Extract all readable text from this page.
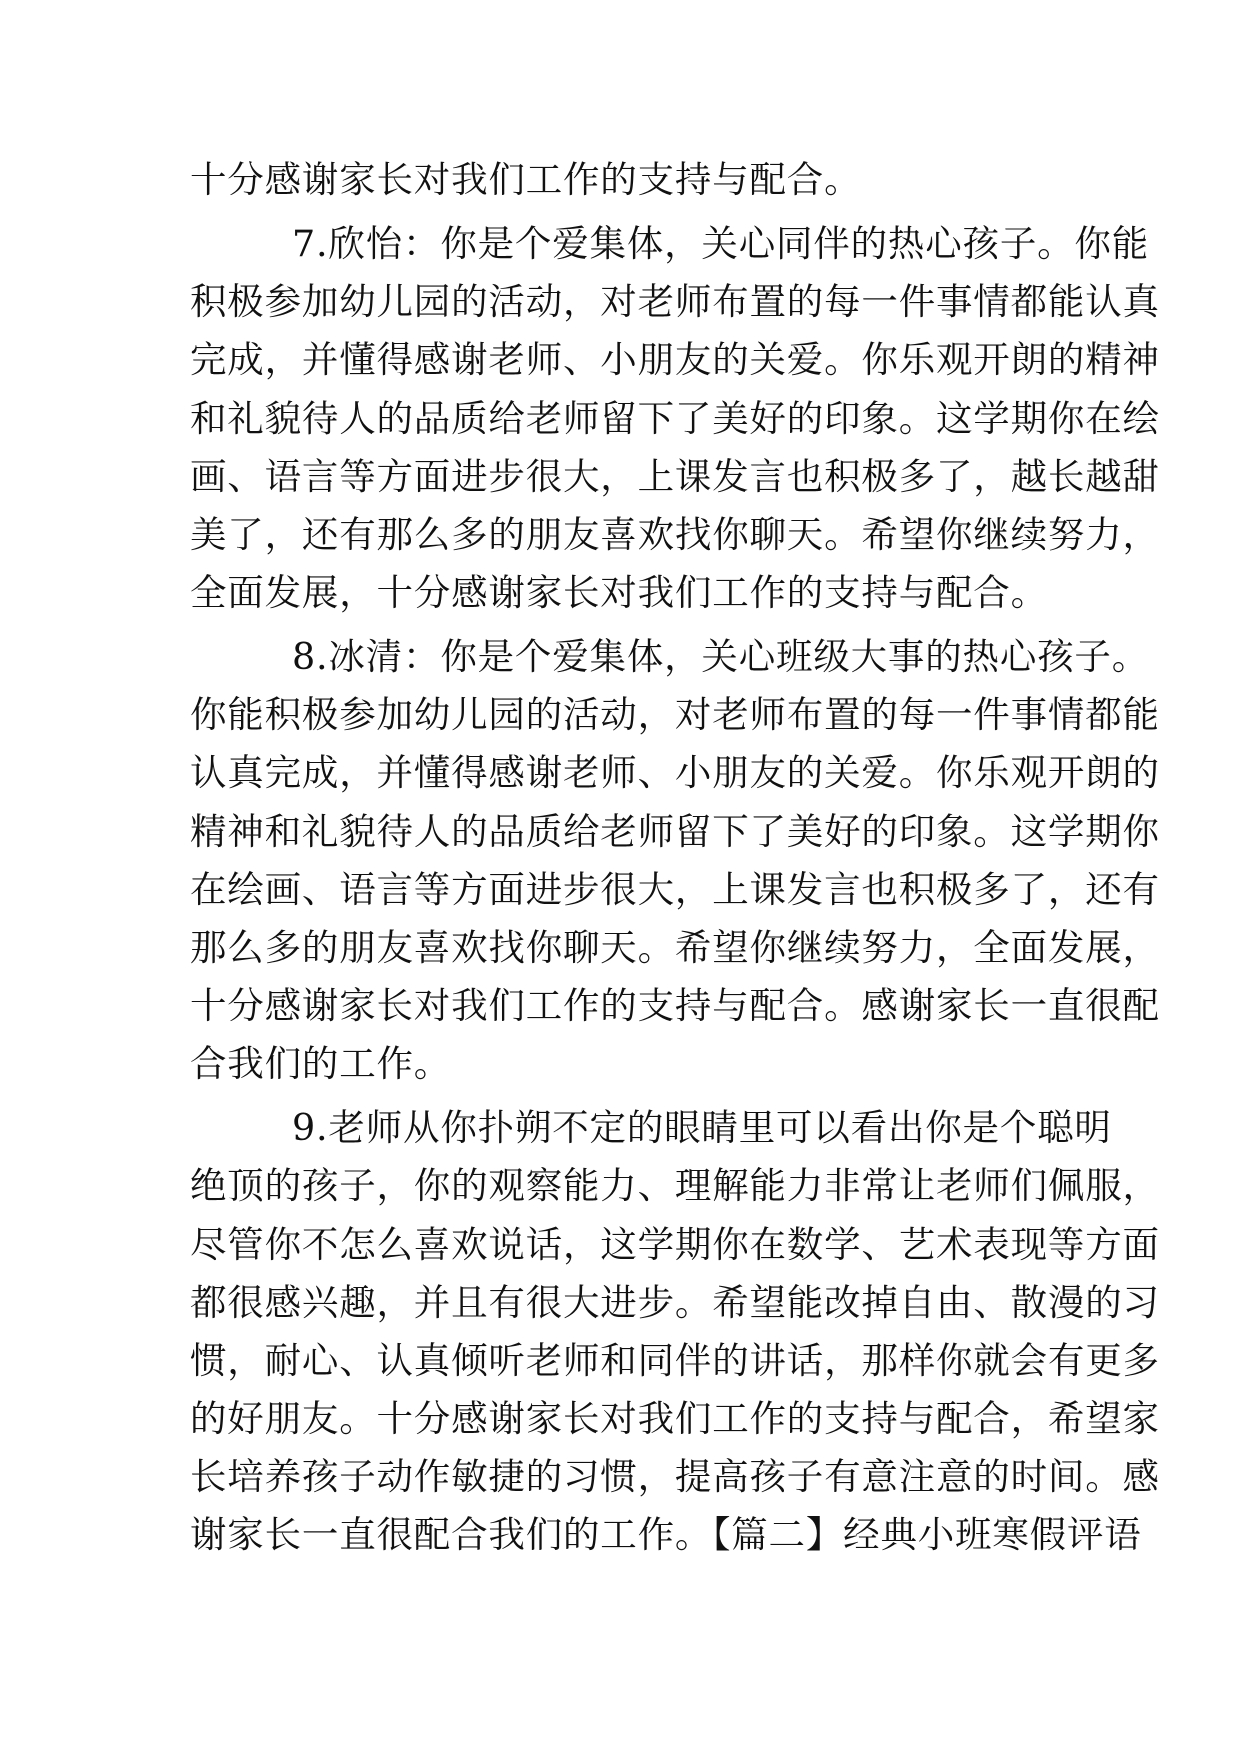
十分感谢家长对我们工作的支持与配合。
7.欣怡：你是个爱集体，关心同伴的热心孩子。你能
积极参加幼儿园的活动，对老师布置的每一件事情都能认真
完成，并懂得感谢老师、小朋友的关爱。你乐观开朗的精神
和礼貌待人的品质给老师留下了美好的印象。这学期你在绘
画、语言等方面进步很大，上课发言也积极多了，越长越甜
美了，还有那么多的朋友喜欢找你聊天。希望你继续努力，
全面发展，十分感谢家长对我们工作的支持与配合。
8.冰清：你是个爱集体，关心班级大事的热心孩子。
你能积极参加幼儿园的活动，对老师布置的每一件事情都能
认真完成，并懂得感谢老师、小朋友的关爱。你乐观开朗的
精神和礼貌待人的品质给老师留下了美好的印象。这学期你
在绘画、语言等方面进步很大，上课发言也积极多了，还有
那么多的朋友喜欢找你聊天。希望你继续努力，全面发展，
十分感谢家长对我们工作的支持与配合。感谢家长一直很配
合我们的工作。
9.老师从你扑朔不定的眼睛里可以看出你是个聪明
绝顶的孩子，你的观察能力、理解能力非常让老师们佩服，
尽管你不怎么喜欢说话，这学期你在数学、艺术表现等方面
都很感兴趣，并且有很大进步。希望能改掉自由、散漫的习
惯，耐心、认真倾听老师和同伴的讲话，那样你就会有更多
的好朋友。十分感谢家长对我们工作的支持与配合，希望家
长培养孩子动作敏捷的习惯，提高孩子有意注意的时间。感
谢家长一直很配合我们的工作。【篇二】经典小班寒假评语
